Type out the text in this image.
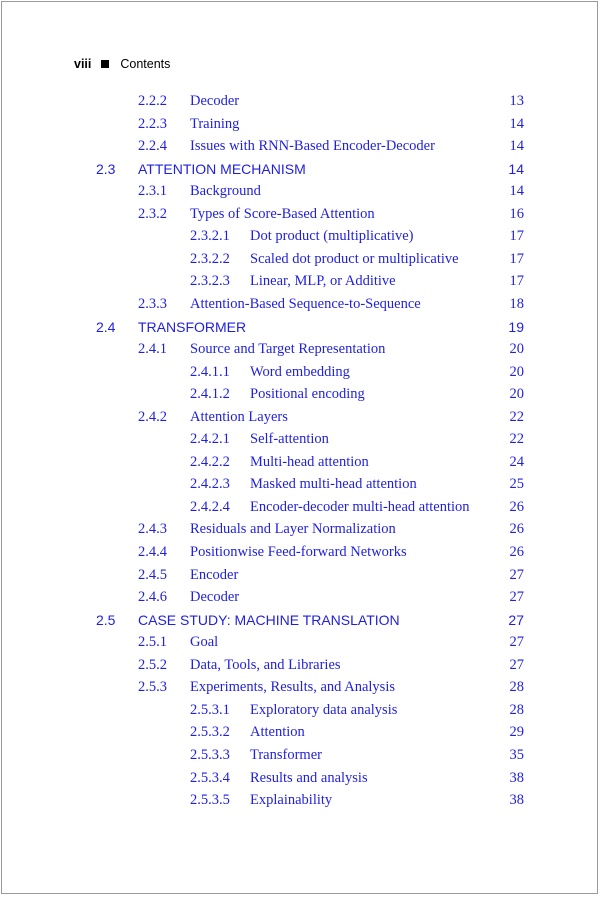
viii Contents
2.2.2 Decoder	13
2.2.3 Training	14
2.2.4 Issues with RNN-Based Encoder-Decoder	14
2.3 ATTENTION MECHANISM	14
2.3.1 Background	14
2.3.2 Types of Score-Based Attention	16
2.3.2.1 Dot product (multiplicative)	17
2.3.2.2 Scaled dot product or multiplicative	17
2.3.2.3 Linear, MLP, or Additive	17
2.3.3 Attention-Based Sequence-to-Sequence	18
2.4 TRANSFORMER	19
2.4.1 Source and Target Representation	20
2.4.1.1 Word embedding	20
2.4.1.2 Positional encoding	20
2.4.2 Attention Layers	22
2.4.2.1 Self-attention	22
2.4.2.2 Multi-head attention	24
2.4.2.3 Masked multi-head attention	25
2.4.2.4 Encoder-decoder multi-head attention	26
2.4.3 Residuals and Layer Normalization	26
2.4.4 Positionwise Feed-forward Networks	26
2.4.5 Encoder	27
2.4.6 Decoder	27
2.5 CASE STUDY: MACHINE TRANSLATION	27
2.5.1 Goal	27
2.5.2 Data, Tools, and Libraries	27
2.5.3 Experiments, Results, and Analysis	28
2.5.3.1 Exploratory data analysis	28
2.5.3.2 Attention	29
2.5.3.3 Transformer	35
2.5.3.4 Results and analysis	38
2.5.3.5 Explainability	38
